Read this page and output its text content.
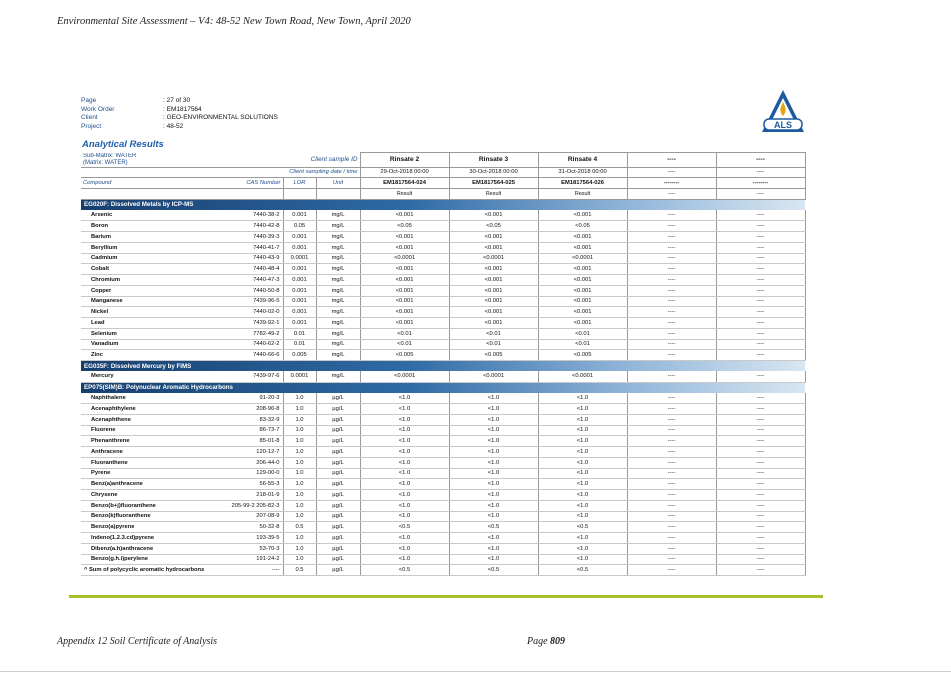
Environmental Site Assessment – V4: 48-52 New Town Road, New Town, April 2020
Page	: 27 of 30
Work Order	: EM1817564
Client	: GEO-ENVIRONMENTAL SOLUTIONS
Project	: 48-52	ALS
Analytical Results
Sub-Matrix: WATER
(Matrix: WATER)		Client sample ID		Rinsate 2	Rinsate 3	Rinsate 4	----	----
Client sampling date / time				29-Oct-2018 00:00	30-Oct-2018 00:00	31-Oct-2018 00:00	----	----
Compound	CAS Number	LOR	Unit	EM1817564-024	EM1817564-025	EM1817564-026	--------	--------
				Result	Result	Result	----	----
EG020F: Dissolved Metals by ICP-MS								
Arsenic	7440-38-2	0.001	mg/L	<0.001	<0.001	<0.001	----	----
Boron	7440-42-8	0.05	mg/L	<0.05	<0.05	<0.05	----	----
Barium	7440-39-3	0.001	mg/L	<0.001	<0.001	<0.001	----	----
Beryllium	7440-41-7	0.001	mg/L	<0.001	<0.001	<0.001	----	----
Cadmium	7440-43-9	0.0001	mg/L	<0.0001	<0.0001	<0.0001	----	----
Cobalt	7440-48-4	0.001	mg/L	<0.001	<0.001	<0.001	----	----
Chromium	7440-47-3	0.001	mg/L	<0.001	<0.001	<0.001	----	----
Copper	7440-50-8	0.001	mg/L	<0.001	<0.001	<0.001	----	----
Manganese	7439-96-5	0.001	mg/L	<0.001	<0.001	<0.001	----	----
Nickel	7440-02-0	0.001	mg/L	<0.001	<0.001	<0.001	----	----
Lead	7439-92-1	0.001	mg/L	<0.001	<0.001	<0.001	----	----
Selenium	7782-49-2	0.01	mg/L	<0.01	<0.01	<0.01	----	----
Vanadium	7440-62-2	0.01	mg/L	<0.01	<0.01	<0.01	----	----
Zinc	7440-66-6	0.005	mg/L	<0.005	<0.005	<0.005	----	----
EG035F: Dissolved Mercury by FIMS								
Mercury	7439-97-6	0.0001	mg/L	<0.0001	<0.0001	<0.0001	----	----
EP075(SIM)B: Polynuclear Aromatic Hydrocarbons								
Naphthalene	91-20-3	1.0	µg/L	<1.0	<1.0	<1.0	----	----
Acenaphthylene	208-96-8	1.0	µg/L	<1.0	<1.0	<1.0	----	----
Acenaphthene	83-32-9	1.0	µg/L	<1.0	<1.0	<1.0	----	----
Fluorene	86-73-7	1.0	µg/L	<1.0	<1.0	<1.0	----	----
Phenanthrene	85-01-8	1.0	µg/L	<1.0	<1.0	<1.0	----	----
Anthracene	120-12-7	1.0	µg/L	<1.0	<1.0	<1.0	----	----
Fluoranthene	206-44-0	1.0	µg/L	<1.0	<1.0	<1.0	----	----
Pyrene	129-00-0	1.0	µg/L	<1.0	<1.0	<1.0	----	----
Benz(a)anthracene	56-55-3	1.0	µg/L	<1.0	<1.0	<1.0	----	----
Chrysene	218-01-9	1.0	µg/L	<1.0	<1.0	<1.0	----	----
Benzo(b+j)fluoranthene	205-99-2 205-82-3	1.0	µg/L	<1.0	<1.0	<1.0	----	----
Benzo(k)fluoranthene	207-08-9	1.0	µg/L	<1.0	<1.0	<1.0	----	----
Benzo(a)pyrene	50-32-8	0.5	µg/L	<0.5	<0.5	<0.5	----	----
Indeno(1.2.3.cd)pyrene	193-39-5	1.0	µg/L	<1.0	<1.0	<1.0	----	----
Dibenz(a.h)anthracene	53-70-3	1.0	µg/L	<1.0	<1.0	<1.0	----	----
Benzo(g.h.i)perylene	191-24-2	1.0	µg/L	<1.0	<1.0	<1.0	----	----
^ Sum of polycyclic aromatic hydrocarbons	----	0.5	µg/L	<0.5	<0.5	<0.5	----	----
Appendix 12 Soil Certificate of Analysis	Page 809
